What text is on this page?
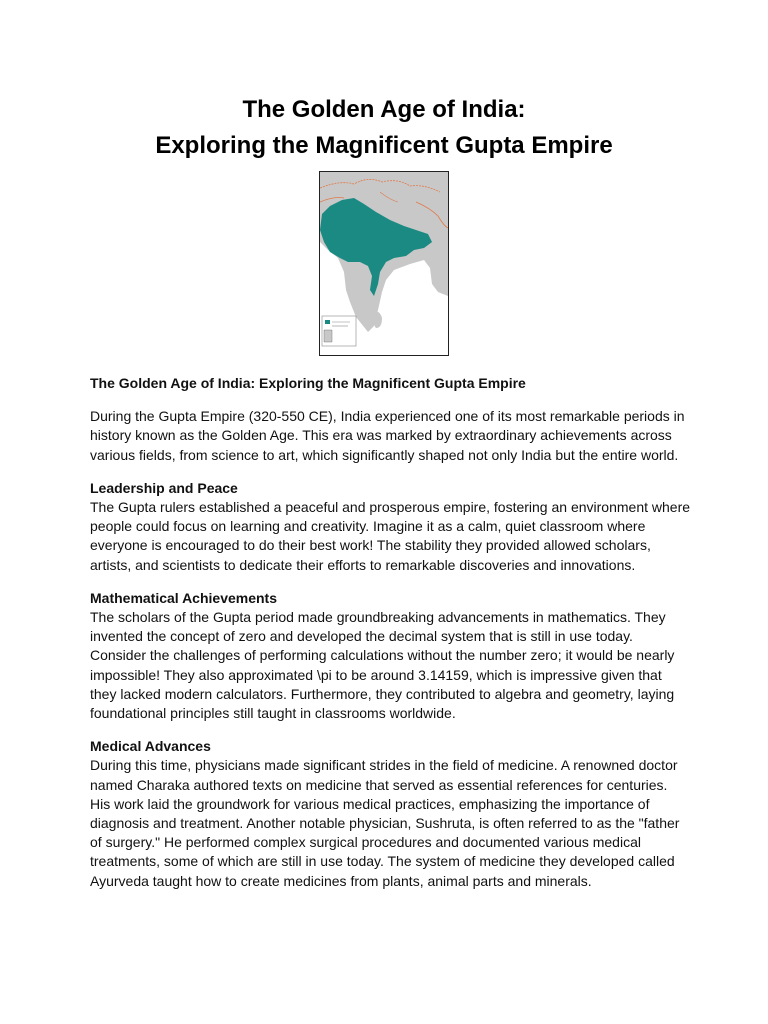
The Golden Age of India:
Exploring the Magnificent Gupta Empire

The Golden Age of India: Exploring the Magnificent Gupta Empire

During the Gupta Empire (320-550 CE), India experienced one of its most remarkable periods in history known as the Golden Age. This era was marked by extraordinary achievements across various fields, from science to art, which significantly shaped not only India but the entire world.

Leadership and Peace

The Gupta rulers established a peaceful and prosperous empire, fostering an environment where people could focus on learning and creativity. Imagine it as a calm, quiet classroom where everyone is encouraged to do their best work! The stability they provided allowed scholars, artists, and scientists to dedicate their efforts to remarkable discoveries and innovations.

Mathematical Achievements

The scholars of the Gupta period made groundbreaking advancements in mathematics. They invented the concept of zero and developed the decimal system that is still in use today. Consider the challenges of performing calculations without the number zero; it would be nearly impossible! They also approximated \pi to be around 3.14159, which is impressive given that they lacked modern calculators. Furthermore, they contributed to algebra and geometry, laying foundational principles still taught in classrooms worldwide.

Medical Advances

During this time, physicians made significant strides in the field of medicine. A renowned doctor named Charaka authored texts on medicine that served as essential references for centuries. His work laid the groundwork for various medical practices, emphasizing the importance of diagnosis and treatment. Another notable physician, Sushruta, is often referred to as the "father of surgery." He performed complex surgical procedures and documented various medical treatments, some of which are still in use today. The system of medicine they developed called Ayurveda taught how to create medicines from plants, animal parts and minerals.
